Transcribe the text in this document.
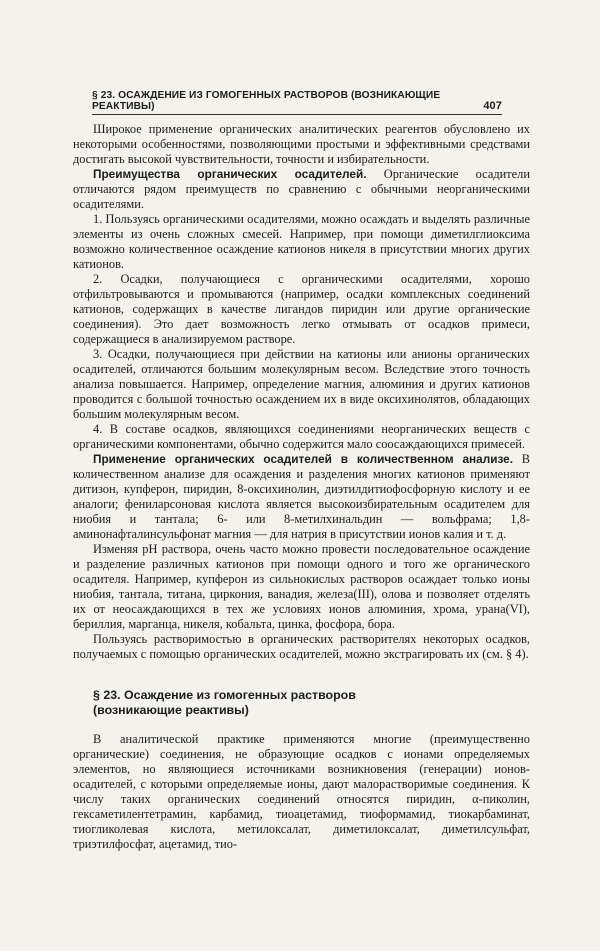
§ 23. ОСАЖДЕНИЕ ИЗ ГОМОГЕННЫХ РАСТВОРОВ (ВОЗНИКАЮЩИЕ РЕАКТИВЫ)	407

Широкое применение органических аналитических реагентов обусловлено их некоторыми особенностями, позволяющими простыми и эффективными средствами достигать высокой чувствительности, точности и избирательности.

Преимущества органических осадителей. Органические осадители отличаются рядом преимуществ по сравнению с обычными неорганическими осадителями.

1. Пользуясь органическими осадителями, можно осаждать и выделять различные элементы из очень сложных смесей. Например, при помощи диметилглиоксима возможно количественное осаждение катионов никеля в присутствии многих других катионов.

2. Осадки, получающиеся с органическими осадителями, хорошо отфильтровываются и промываются (например, осадки комплексных соединений катионов, содержащих в качестве лигандов пиридин или другие органические соединения). Это дает возможность легко отмывать от осадков примеси, содержащиеся в анализируемом растворе.

3. Осадки, получающиеся при действии на катионы или анионы органических осадителей, отличаются большим молекулярным весом. Вследствие этого точность анализа повышается. Например, определение магния, алюминия и других катионов проводится с большой точностью осаждением их в виде оксихинолятов, обладающих большим молекулярным весом.

4. В составе осадков, являющихся соединениями неорганических веществ с органическими компонентами, обычно содержится мало соосаждающихся примесей.

Применение органических осадителей в количественном анализе. В количественном анализе для осаждения и разделения многих катионов применяют дитизон, купферон, пиридин, 8-оксихинолин, диэтилдитиофосфорную кислоту и ее аналоги; фениларсоновая кислота является высокоизбирательным осадителем для ниобия и тантала; 6- или 8-метилхинальдин — вольфрама; 1,8-аминонафталинсульфонат магния — для натрия в присутствии ионов калия и т. д.

Изменяя pH раствора, очень часто можно провести последовательное осаждение и разделение различных катионов при помощи одного и того же органического осадителя. Например, купферон из сильнокислых растворов осаждает только ионы ниобия, тантала, титана, циркония, ванадия, железа(III), олова и позволяет отделять их от неосаждающихся в тех же условиях ионов алюминия, хрома, урана(VI), бериллия, марганца, никеля, кобальта, цинка, фосфора, бора.

Пользуясь растворимостью в органических растворителях некоторых осадков, получаемых с помощью органических осадителей, можно экстрагировать их (см. § 4).

§ 23. Осаждение из гомогенных растворов
(возникающие реактивы)

В аналитической практике применяются многие (преимущественно органические) соединения, не образующие осадков с ионами определяемых элементов, но являющиеся источниками возникновения (генерации) ионов-осадителей, с которыми определяемые ионы, дают малорастворимые соединения. К числу таких органических соединений относятся пиридин, α-пиколин, гексаметилентетрамин, карбамид, тиоацетамид, тиоформамид, тиокарбаминат, тиогликолевая кислота, метилоксалат, диметилоксалат, диметилсульфат, триэтилфосфат, ацетамид, тио-
